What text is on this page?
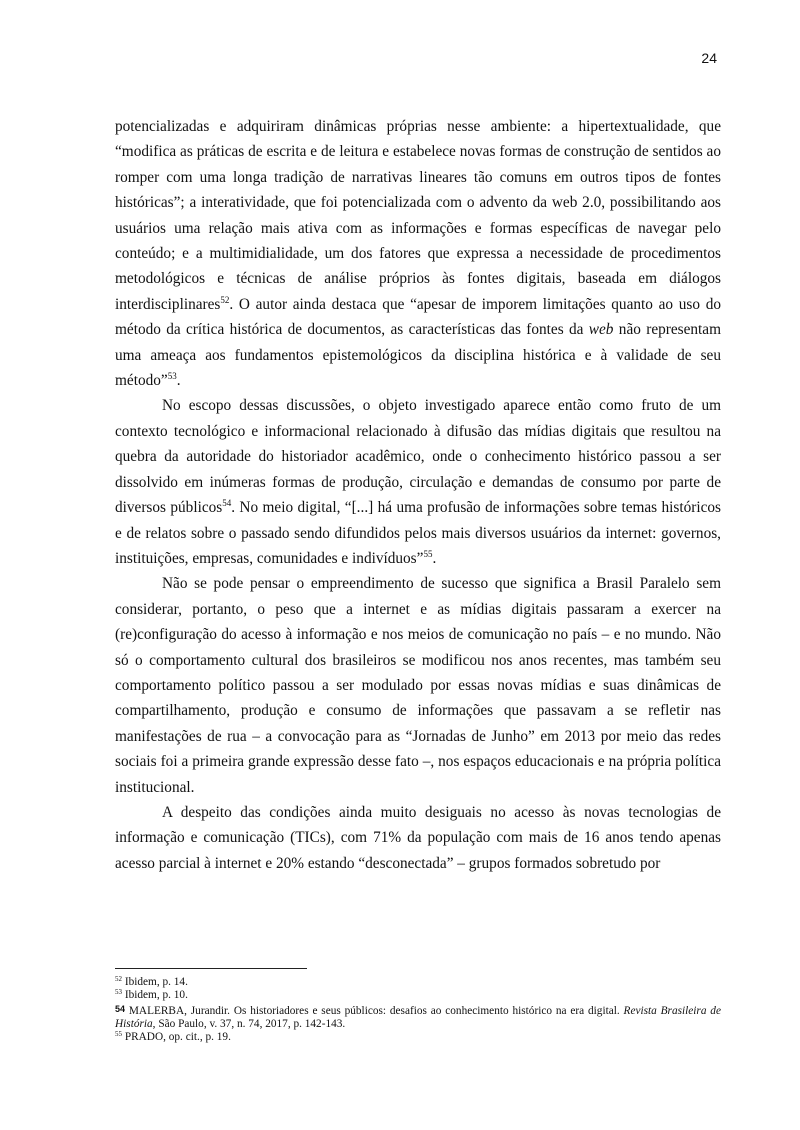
24

potencializadas e adquiriram dinâmicas próprias nesse ambiente: a hipertextualidade, que “modifica as práticas de escrita e de leitura e estabelece novas formas de construção de sentidos ao romper com uma longa tradição de narrativas lineares tão comuns em outros tipos de fontes históricas”; a interatividade, que foi potencializada com o advento da web 2.0, possibilitando aos usuários uma relação mais ativa com as informações e formas específicas de navegar pelo conteúdo; e a multimidialidade, um dos fatores que expressa a necessidade de procedimentos metodológicos e técnicas de análise próprios às fontes digitais, baseada em diálogos interdisciplinares$^{52}$. O autor ainda destaca que “apesar de imporem limitações quanto ao uso do método da crítica histórica de documentos, as características das fontes da web não representam uma ameaça aos fundamentos epistemológicos da disciplina histórica e à validade de seu método”$^{53}$.

No escopo dessas discussões, o objeto investigado aparece então como fruto de um contexto tecnológico e informacional relacionado à difusão das mídias digitais que resultou na quebra da autoridade do historiador acadêmico, onde o conhecimento histórico passou a ser dissolvido em inúmeras formas de produção, circulação e demandas de consumo por parte de diversos públicos$^{54}$. No meio digital, “[...] há uma profusão de informações sobre temas históricos e de relatos sobre o passado sendo difundidos pelos mais diversos usuários da internet: governos, instituições, empresas, comunidades e indivíduos”$^{55}$.

Não se pode pensar o empreendimento de sucesso que significa a Brasil Paralelo sem considerar, portanto, o peso que a internet e as mídias digitais passaram a exercer na (re)configuração do acesso à informação e nos meios de comunicação no país – e no mundo. Não só o comportamento cultural dos brasileiros se modificou nos anos recentes, mas também seu comportamento político passou a ser modulado por essas novas mídias e suas dinâmicas de compartilhamento, produção e consumo de informações que passavam a se refletir nas manifestações de rua – a convocação para as “Jornadas de Junho” em 2013 por meio das redes sociais foi a primeira grande expressão desse fato –, nos espaços educacionais e na própria política institucional.

A despeito das condições ainda muito desiguais no acesso às novas tecnologias de informação e comunicação (TICs), com 71% da população com mais de 16 anos tendo apenas acesso parcial à internet e 20% estando “desconectada” – grupos formados sobretudo por

$^{52}$ Ibidem, p. 14.

$^{53}$ Ibidem, p. 10.

54 MALERBA, Jurandir. Os historiadores e seus públicos: desafios ao conhecimento histórico na era digital. Revista Brasileira de História, São Paulo, v. 37, n. 74, 2017, p. 142-143.

$^{55}$ PRADO, op. cit., p. 19.
